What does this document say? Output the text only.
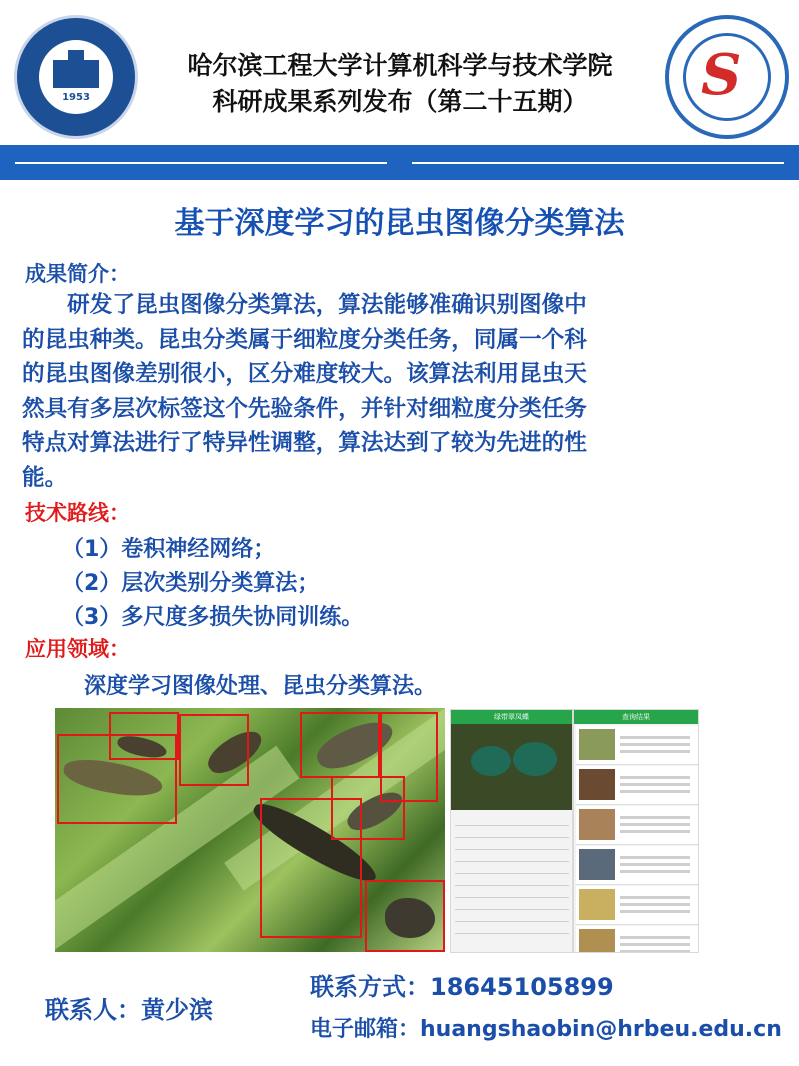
1953	S
哈尔滨工程大学计算机科学与技术学院
科研成果系列发布（第二十五期）
基于深度学习的昆虫图像分类算法
成果简介：
　　研发了昆虫图像分类算法，算法能够准确识别图像中
的昆虫种类。昆虫分类属于细粒度分类任务，同属一个科
的昆虫图像差别很小，区分难度较大。该算法利用昆虫天
然具有多层次标签这个先验条件，并针对细粒度分类任务
特点对算法进行了特异性调整，算法达到了较为先进的性
能。
技术路线：
（1）卷积神经网络；
（2）层次类别分类算法；
（3）多尺度多损失协同训练。
应用领域：
深度学习图像处理、昆虫分类算法。
绿带翠凤蝶	查询结果
联系人：黄少滨
联系方式：18645105899
电子邮箱：huangshaobin@hrbeu.edu.cn
